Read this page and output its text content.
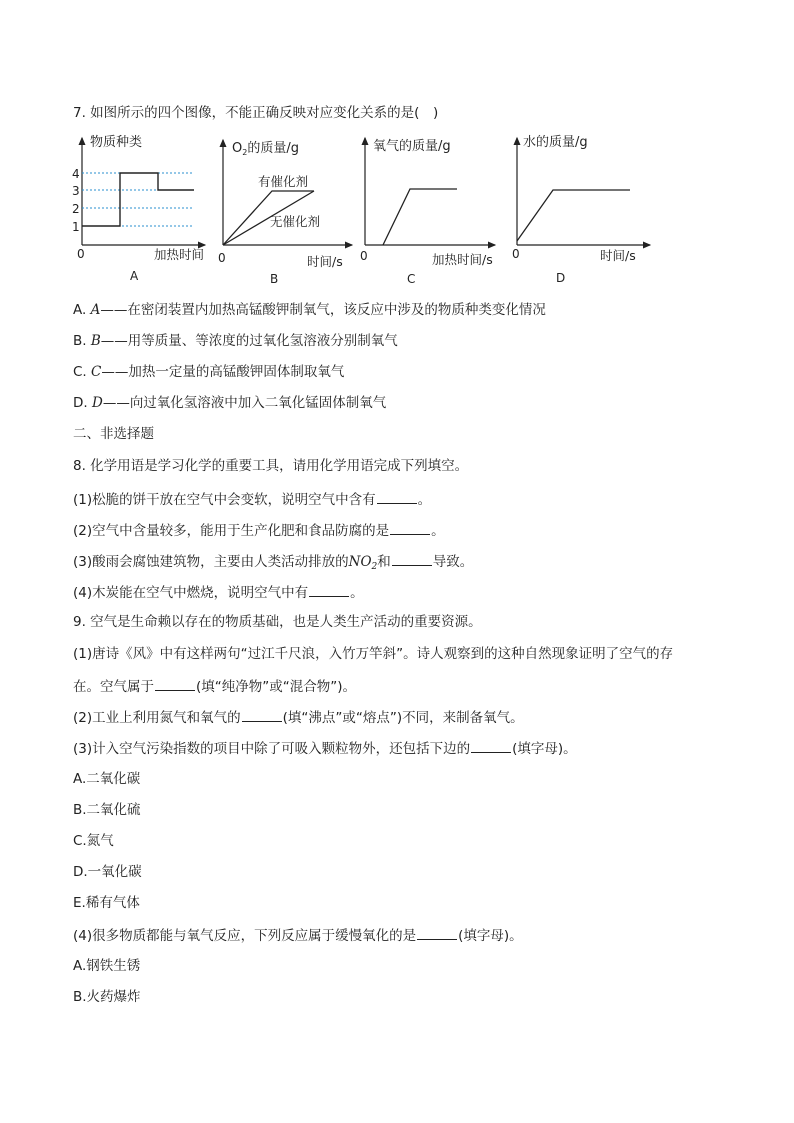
7. 如图所示的四个图像，不能正确反映对应变化关系的是(　)
物质种类
0	加热时间
A
1
2
3
4
$O_2$的质量/g
0	时间/s
B
有催化剂
无催化剂
氧气的质量/g
0	加热时间/s
C
水的质量/g
0	时间/s
D
A. A——在密闭装置内加热高锰酸钾制氧气，该反应中涉及的物质种类变化情况
B. B——用等质量、等浓度的过氧化氢溶液分别制氧气
C. C——加热一定量的高锰酸钾固体制取氧气
D. D——向过氧化氢溶液中加入二氧化锰固体制氧气
二、非选择题
8. 化学用语是学习化学的重要工具，请用化学用语完成下列填空。
(1)松脆的饼干放在空气中会变软，说明空气中含有	。
(2)空气中含量较多，能用于生产化肥和食品防腐的是	。
(3)酸雨会腐蚀建筑物，主要由人类活动排放的$NO_2$和	导致。
(4)木炭能在空气中燃烧，说明空气中有	。
9. 空气是生命赖以存在的物质基础，也是人类生产活动的重要资源。
(1)唐诗《风》中有这样两句“过江千尺浪，入竹万竿斜”。诗人观察到的这种自然现象证明了空气的存
在。空气属于	(填“纯净物”或“混合物”)。
(2)工业上利用氮气和氧气的	(填“沸点”或“熔点”)不同，来制备氧气。
(3)计入空气污染指数的项目中除了可吸入颗粒物外，还包括下边的	(填字母)。
A.二氧化碳
B.二氧化硫
C.氮气
D.一氧化碳
E.稀有气体
(4)很多物质都能与氧气反应，下列反应属于缓慢氧化的是	(填字母)。
A.钢铁生锈
B.火药爆炸
